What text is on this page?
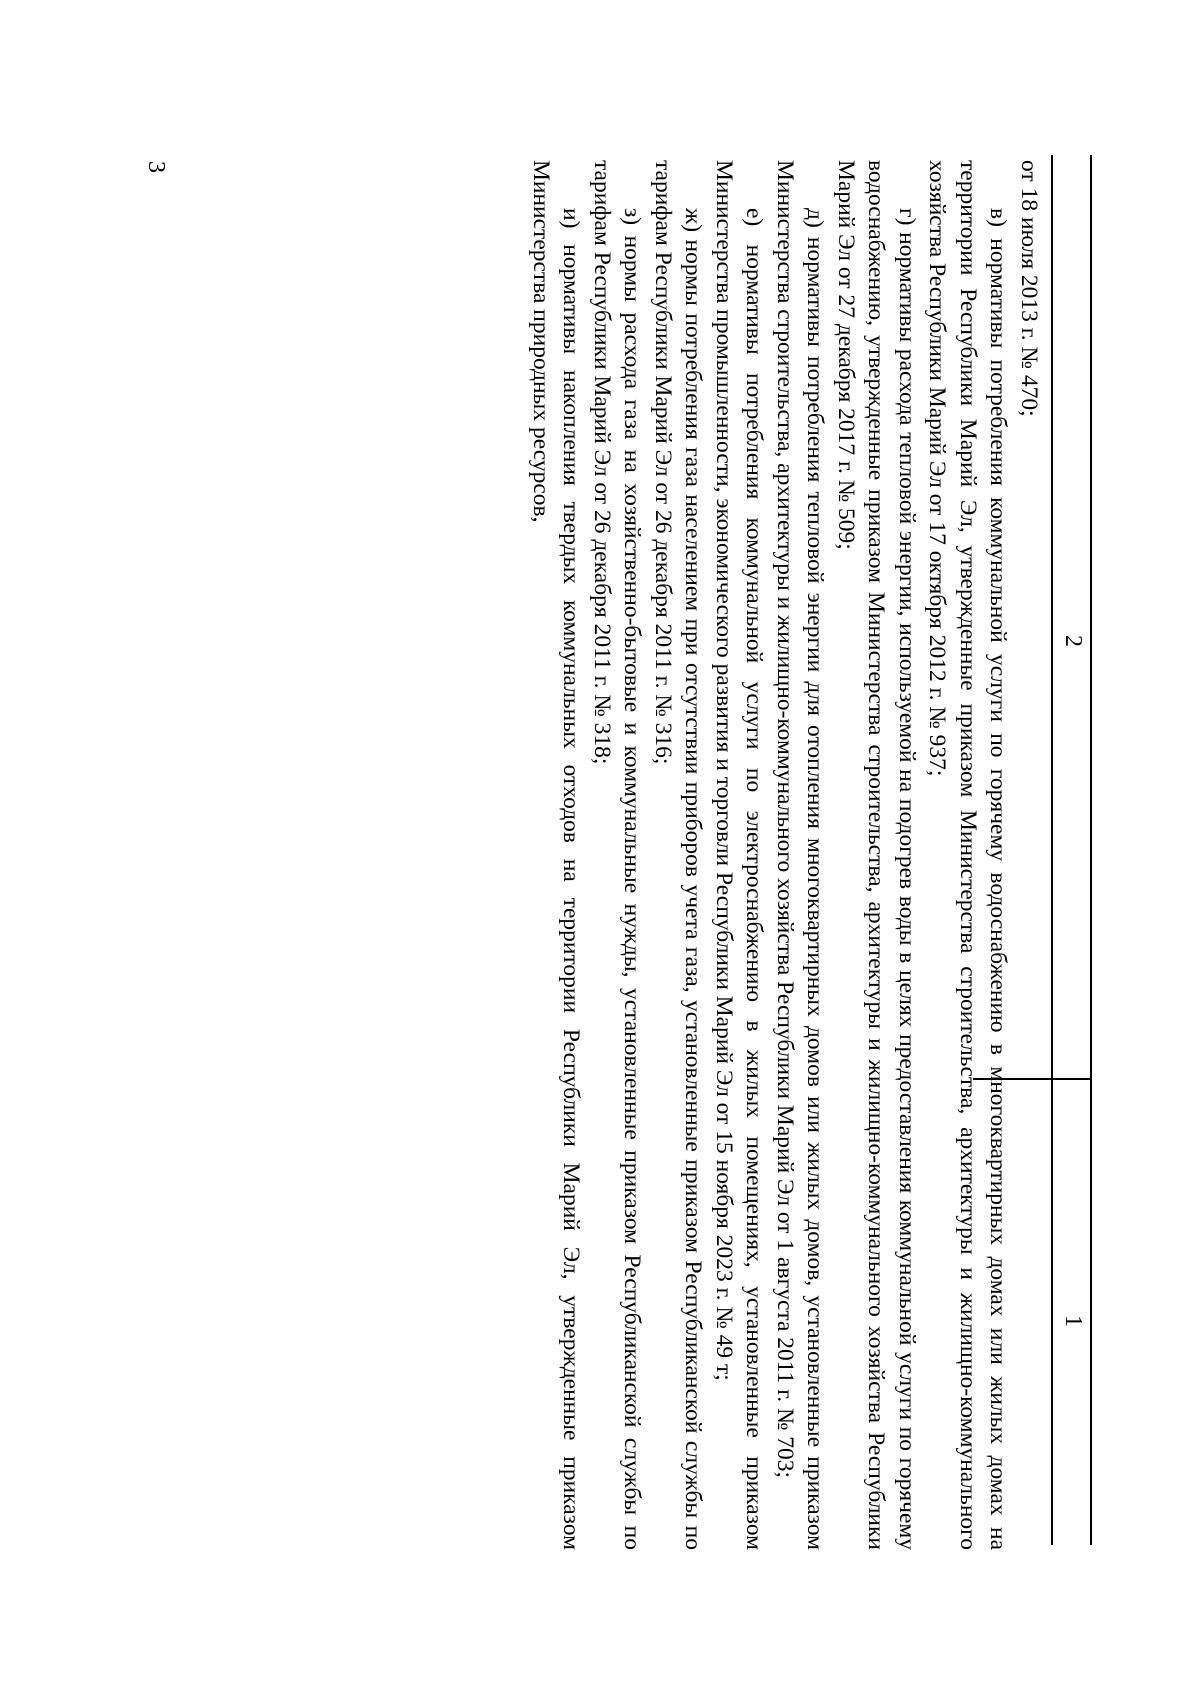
3
2
1

от 18 июля 2013 г. № 470;

в) нормативы потребления коммунальной услуги по горячему водоснабжению в многоквартирных домах или жилых домах на территории Республики Марий Эл, утвержденные приказом Министерства строительства, архитектуры и жилищно-коммунального хозяйства Республики Марий Эл от 17 октября 2012 г. № 937;

г) нормативы расхода тепловой энергии, используемой на подогрев воды в целях предоставления коммунальной услуги по горячему водоснабжению, утвержденные приказом Министерства строительства, архитектуры и жилищно-коммунального хозяйства Республики Марий Эл от 27 декабря 2017 г. № 509;

д) нормативы потребления тепловой энергии для отопления многоквартирных домов или жилых домов, установленные приказом Министерства строительства, архитектуры и жилищно-коммунального хозяйства Республики Марий Эл от 1 августа 2011 г. № 703;

е) нормативы потребления коммунальной услуги по электроснабжению в жилых помещениях, установленные приказом Министерства промышленности, экономического развития и торговли Республики Марий Эл от 15 ноября 2023 г. № 49 т;

ж) нормы потребления газа населением при отсутствии приборов учета газа, установленные приказом Республиканской службы по тарифам Республики Марий Эл от 26 декабря 2011 г. № 316;

з) нормы расхода газа на хозяйственно-бытовые и коммунальные нужды, установленные приказом Республиканской службы по тарифам Республики Марий Эл от 26 декабря 2011 г. № 318;

и) нормативы накопления твердых коммунальных отходов на территории Республики Марий Эл, утвержденные приказом Министерства природных ресурсов,
